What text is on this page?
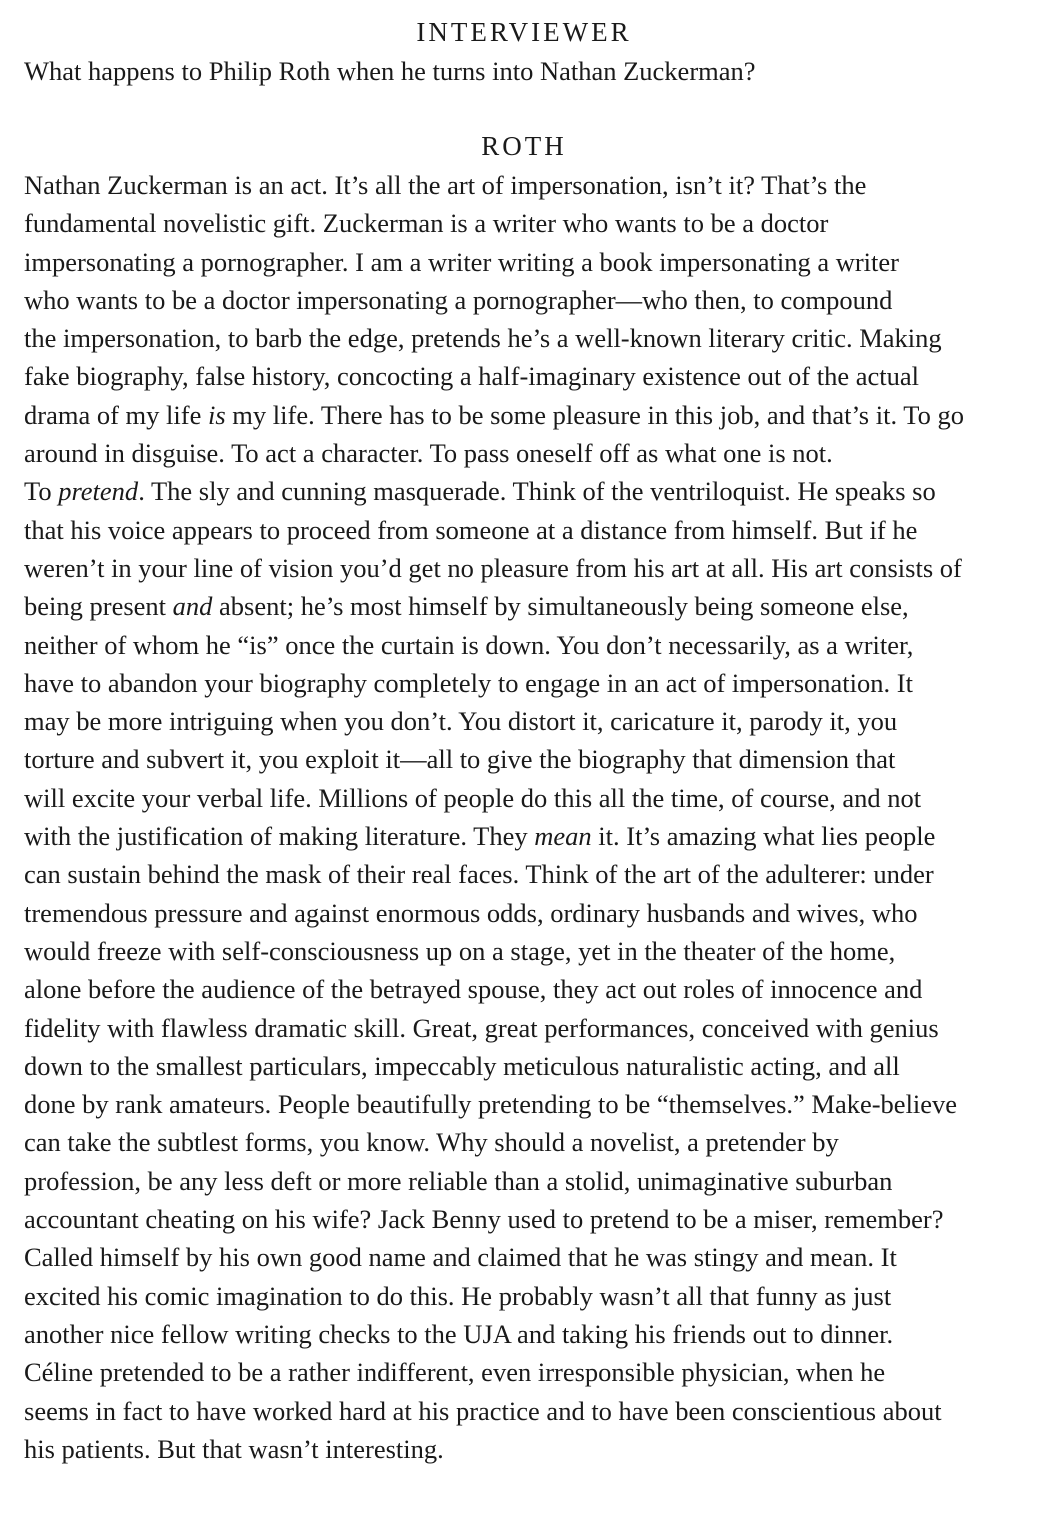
INTERVIEWER

What happens to Philip Roth when he turns into Nathan Zuckerman?

ROTH
Nathan Zuckerman is an act. It’s all the art of impersonation, isn’t it? That’s the
fundamental novelistic gift. Zuckerman is a writer who wants to be a doctor
impersonating a pornographer. I am a writer writing a book impersonating a writer
who wants to be a doctor impersonating a pornographer—who then, to compound
the impersonation, to barb the edge, pretends he’s a well-known literary critic. Making
fake biography, false history, concocting a half-imaginary existence out of the actual
drama of my life is my life. There has to be some pleasure in this job, and that’s it. To go
around in disguise. To act a character. To pass oneself off as what one is not.
To pretend. The sly and cunning masquerade. Think of the ventriloquist. He speaks so
that his voice appears to proceed from someone at a distance from himself. But if he
weren’t in your line of vision you’d get no pleasure from his art at all. His art consists of
being present and absent; he’s most himself by simultaneously being someone else,
neither of whom he “is” once the curtain is down. You don’t necessarily, as a writer,
have to abandon your biography completely to engage in an act of impersonation. It
may be more intriguing when you don’t. You distort it, caricature it, parody it, you
torture and subvert it, you exploit it—all to give the biography that dimension that
will excite your verbal life. Millions of people do this all the time, of course, and not
with the justification of making literature. They mean it. It’s amazing what lies people
can sustain behind the mask of their real faces. Think of the art of the adulterer: under
tremendous pressure and against enormous odds, ordinary husbands and wives, who
would freeze with self-consciousness up on a stage, yet in the theater of the home,
alone before the audience of the betrayed spouse, they act out roles of innocence and
fidelity with flawless dramatic skill. Great, great performances, conceived with genius
down to the smallest particulars, impeccably meticulous naturalistic acting, and all
done by rank amateurs. People beautifully pretending to be “themselves.” Make-believe
can take the subtlest forms, you know. Why should a novelist, a pretender by
profession, be any less deft or more reliable than a stolid, unimaginative suburban
accountant cheating on his wife? Jack Benny used to pretend to be a miser, remember?
Called himself by his own good name and claimed that he was stingy and mean. It
excited his comic imagination to do this. He probably wasn’t all that funny as just
another nice fellow writing checks to the UJA and taking his friends out to dinner.
Céline pretended to be a rather indifferent, even irresponsible physician, when he
seems in fact to have worked hard at his practice and to have been conscientious about
his patients. But that wasn’t interesting.
